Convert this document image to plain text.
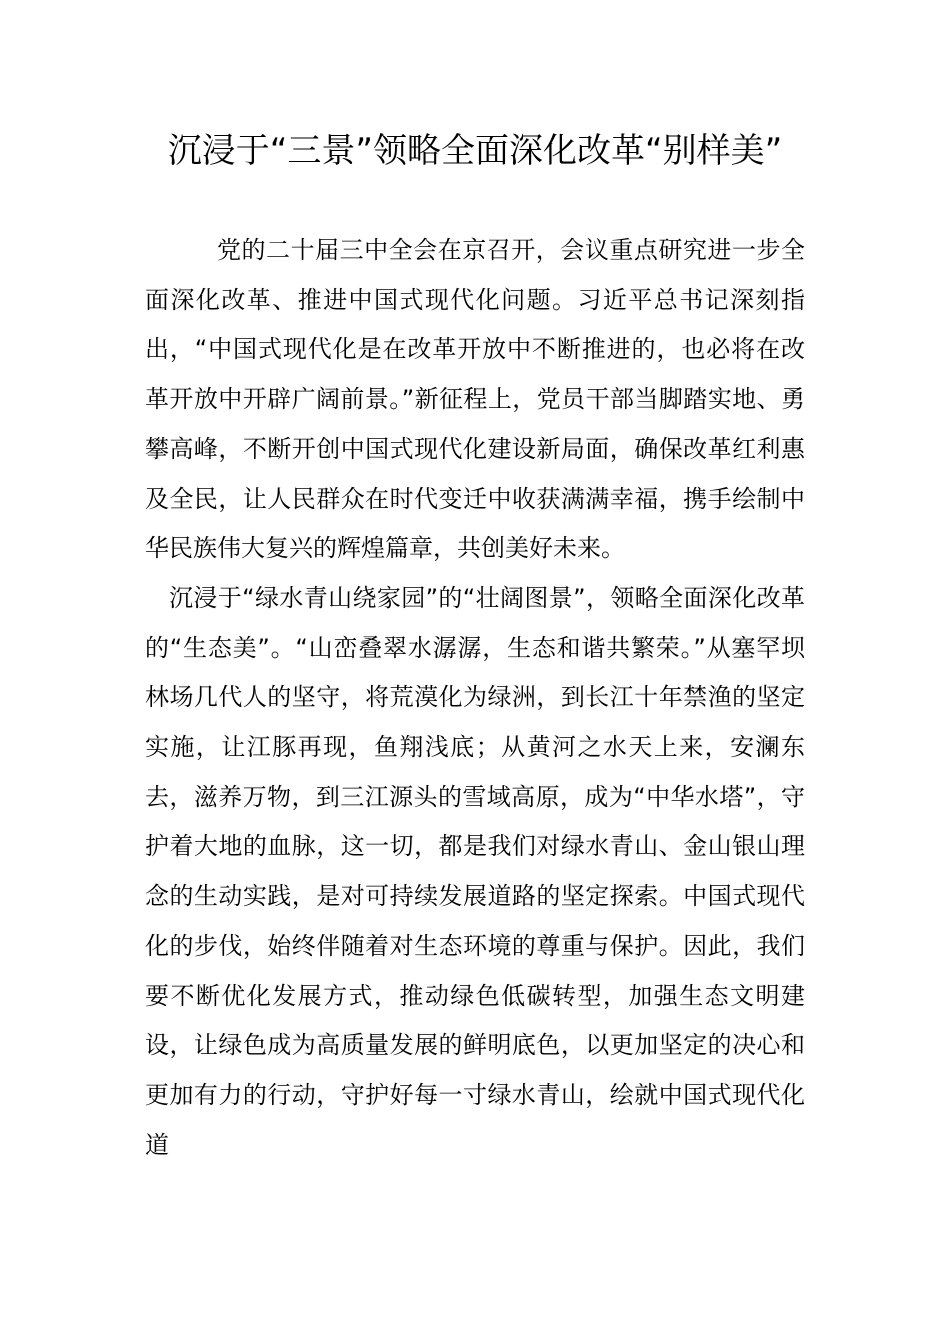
沉浸于“三景”领略全面深化改革“别样美”

党的二十届三中全会在京召开，会议重点研究进一步全面深化改革、推进中国式现代化问题。习近平总书记深刻指出，“中国式现代化是在改革开放中不断推进的，也必将在改革开放中开辟广阔前景。”新征程上，党员干部当脚踏实地、勇攀高峰，不断开创中国式现代化建设新局面，确保改革红利惠及全民，让人民群众在时代变迁中收获满满幸福，携手绘制中华民族伟大复兴的辉煌篇章，共创美好未来。

沉浸于“绿水青山绕家园”的“壮阔图景”，领略全面深化改革的“生态美”。“山峦叠翠水潺潺，生态和谐共繁荣。”从塞罕坝林场几代人的坚守，将荒漠化为绿洲，到长江十年禁渔的坚定实施，让江豚再现，鱼翔浅底；从黄河之水天上来，安澜东去，滋养万物，到三江源头的雪域高原，成为“中华水塔”，守护着大地的血脉，这一切，都是我们对绿水青山、金山银山理念的生动实践，是对可持续发展道路的坚定探索。中国式现代化的步伐，始终伴随着对生态环境的尊重与保护。因此，我们要不断优化发展方式，推动绿色低碳转型，加强生态文明建设，让绿色成为高质量发展的鲜明底色，以更加坚定的决心和更加有力的行动，守护好每一寸绿水青山，绘就中国式现代化道
